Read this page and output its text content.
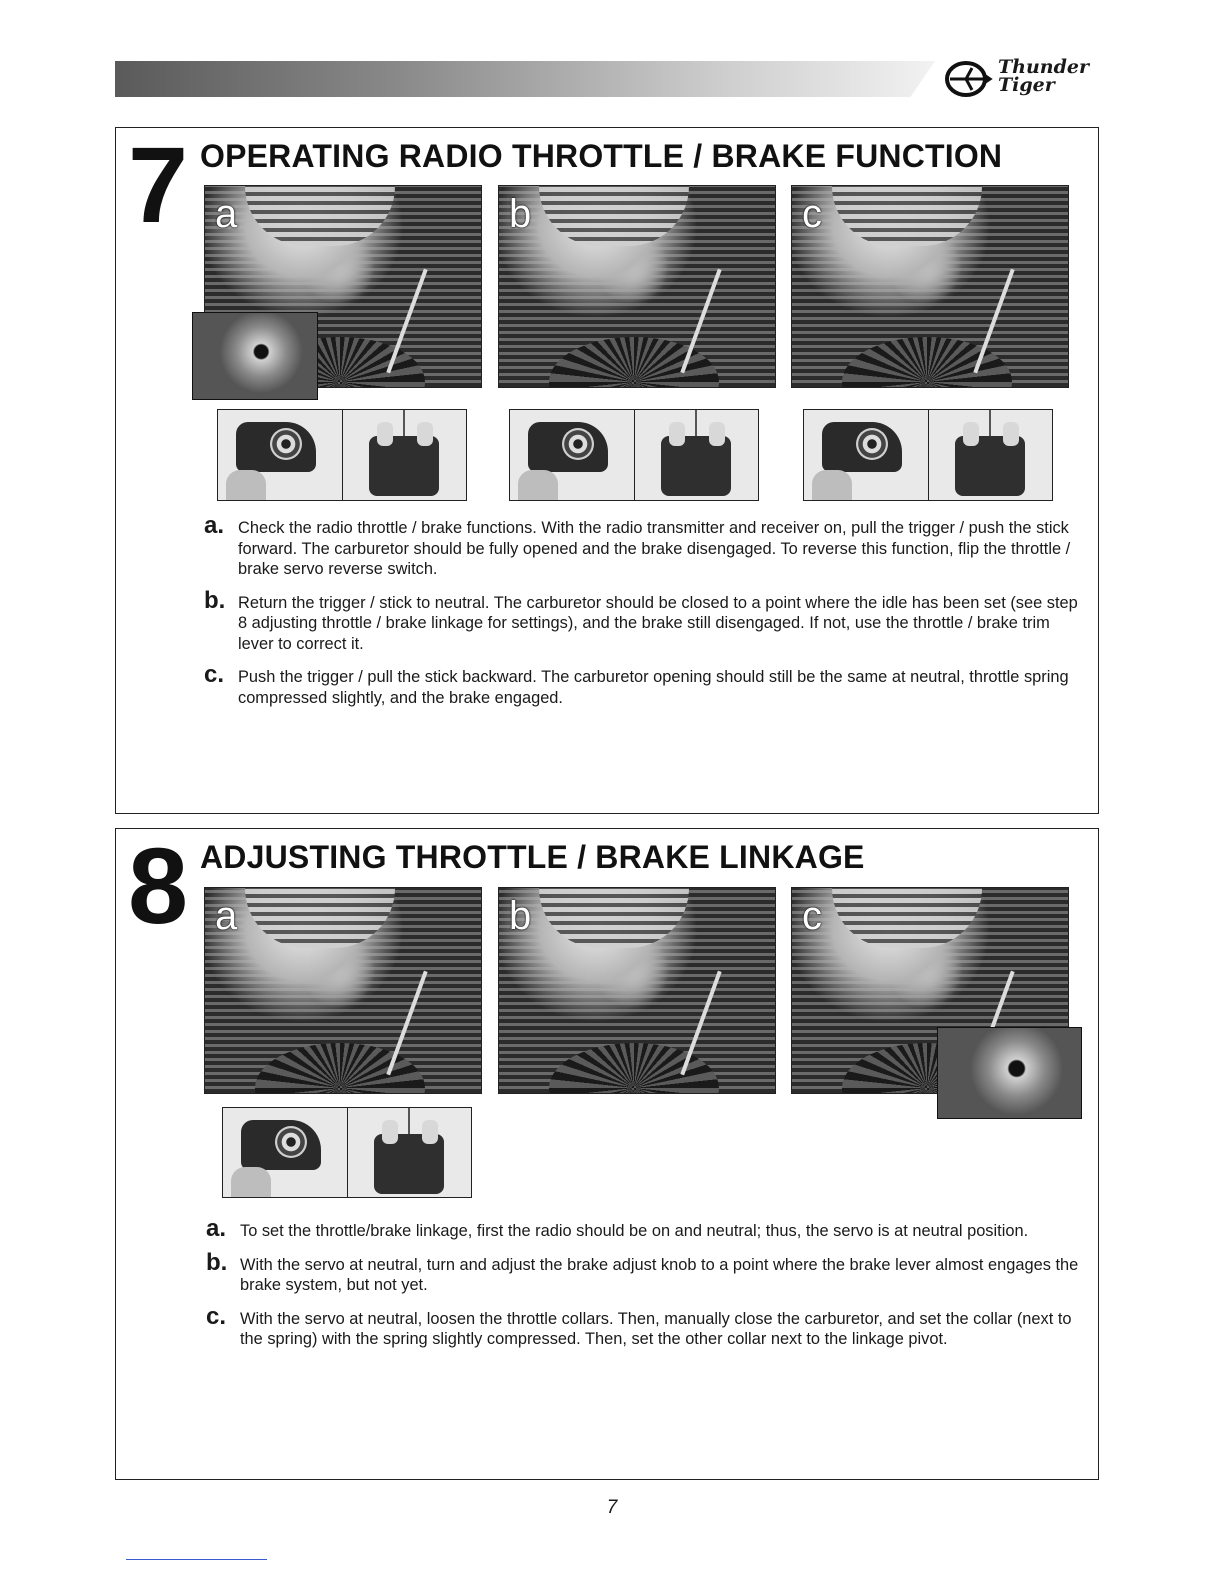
Thunder
Tiger
7 OPERATING RADIO THROTTLE / BRAKE FUNCTION
a	b	c
a. Check the radio throttle / brake functions. With the radio transmitter and receiver on, pull the trigger / push the stick forward. The carburetor should be fully opened and the brake disengaged. To reverse this function, flip the throttle / brake servo reverse switch.
b. Return the trigger / stick to neutral. The carburetor should be closed to a point where the idle has been set (see step 8 adjusting throttle / brake linkage for settings), and the brake still disengaged. If not, use the throttle / brake trim lever to correct it.
c. Push the trigger / pull the stick backward. The carburetor opening should still be the same at neutral, throttle spring compressed slightly, and the brake engaged.
8 ADJUSTING THROTTLE / BRAKE LINKAGE
a	b	c
a. To set the throttle/brake linkage, first the radio should be on and neutral; thus, the servo is at neutral position.
b. With the servo at neutral, turn and adjust the brake adjust knob to a point where the brake lever almost engages the brake system, but not yet.
c. With the servo at neutral, loosen the throttle collars. Then, manually close the carburetor, and set the collar (next to the spring) with the spring slightly compressed. Then, set the other collar next to the linkage pivot.
7
